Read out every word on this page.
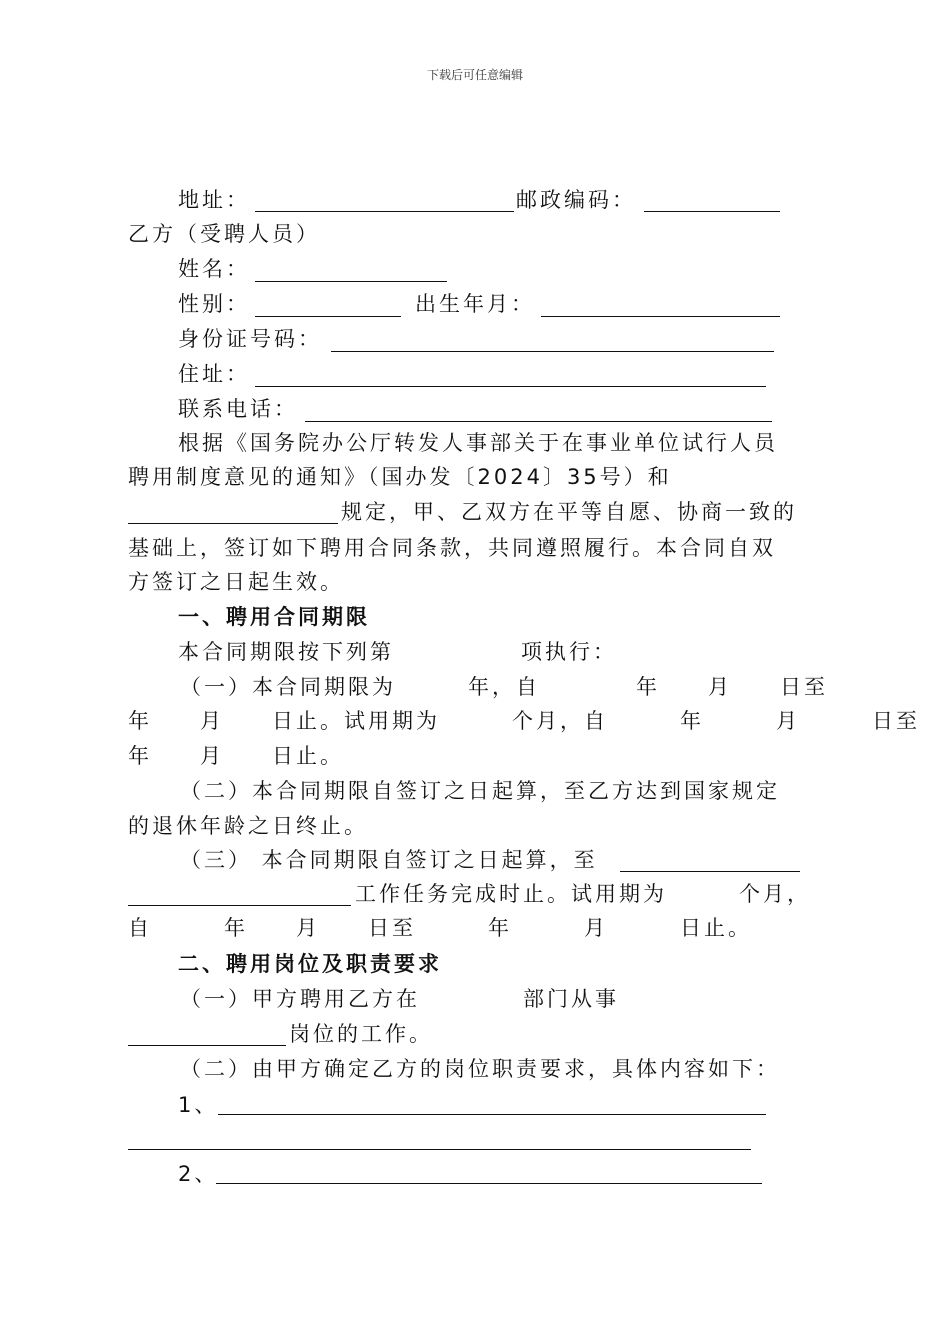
下载后可任意编辑
地址：	邮政编码：
乙方（受聘人员）
姓名：
性别：	出生年月：
身份证号码：
住址：
联系电话：
根据《国务院办公厅转发人事部关于在事业单位试行人员
聘用制度意见的通知》（国办发〔2024〕35号）和
规定，甲、乙双方在平等自愿、协商一致的
基础上，签订如下聘用合同条款，共同遵照履行。本合同自双
方签订之日起生效。
一、聘用合同期限
本合同期限按下列第	项执行：
（一）本合同期限为　　　年，自　　　　年　　月　　日至
年　　月　　日止。试用期为　　　个月，自　　　年　　　月　　　日至
年　　月　　日止。
（二）本合同期限自签订之日起算，至乙方达到国家规定
的退休年龄之日终止。
（三） 本合同期限自签订之日起算，至
工作任务完成时止。试用期为　　　个月，
自　　　年　　月　　日至　　　年　　　月　　　日止。
二、聘用岗位及职责要求
（一）甲方聘用乙方在	部门从事
岗位的工作。
（二）由甲方确定乙方的岗位职责要求，具体内容如下：
1、
2、
